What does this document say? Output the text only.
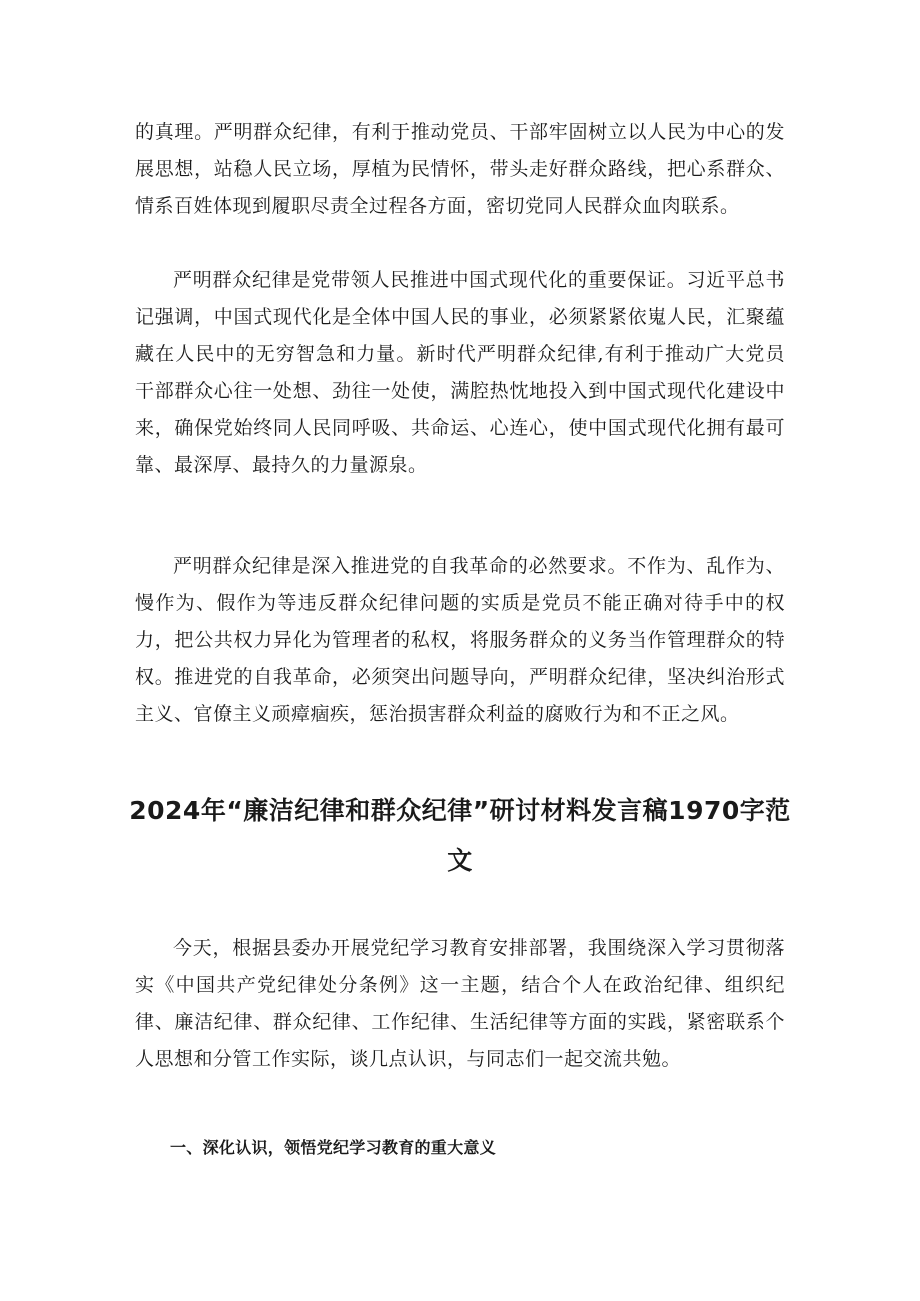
的真理。严明群众纪律，有利于推动党员、干部牢固树立以人民为中心的发展思想，站稳人民立场，厚植为民情怀，带头走好群众路线，把心系群众、情系百姓体现到履职尽责全过程各方面，密切党同人民群众血肉联系。

严明群众纪律是党带领人民推进中国式现代化的重要保证。习近平总书记强调，中国式现代化是全体中国人民的事业，必须紧紧依嵬人民，汇聚蕴藏在人民中的无穷智急和力量。新时代严明群众纪律,有利于推动广大党员干部群众心往一处想、劲往一处使，满腔热忱地投入到中国式现代化建设中来，确保党始终同人民同呼吸、共命运、心连心，使中国式现代化拥有最可靠、最深厚、最持久的力量源泉。

严明群众纪律是深入推进党的自我革命的必然要求。不作为、乱作为、慢作为、假作为等违反群众纪律问题的实质是党员不能正确对待手中的权力，把公共权力异化为管理者的私权，将服务群众的义务当作管理群众的特权。推进党的自我革命，必须突出问题导向，严明群众纪律，坚决纠治形式主义、官僚主义顽瘴痼疾，惩治损害群众利益的腐败行为和不正之风。

2024年“廉洁纪律和群众纪律”研讨材料发言稿1970字范文

今天，根据县委办开展党纪学习教育安排部署，我围绕深入学习贯彻落实《中国共产党纪律处分条例》这一主题，结合个人在政治纪律、组织纪律、廉洁纪律、群众纪律、工作纪律、生活纪律等方面的实践，紧密联系个人思想和分管工作实际，谈几点认识，与同志们一起交流共勉。

一、深化认识，领悟党纪学习教育的重大意义
